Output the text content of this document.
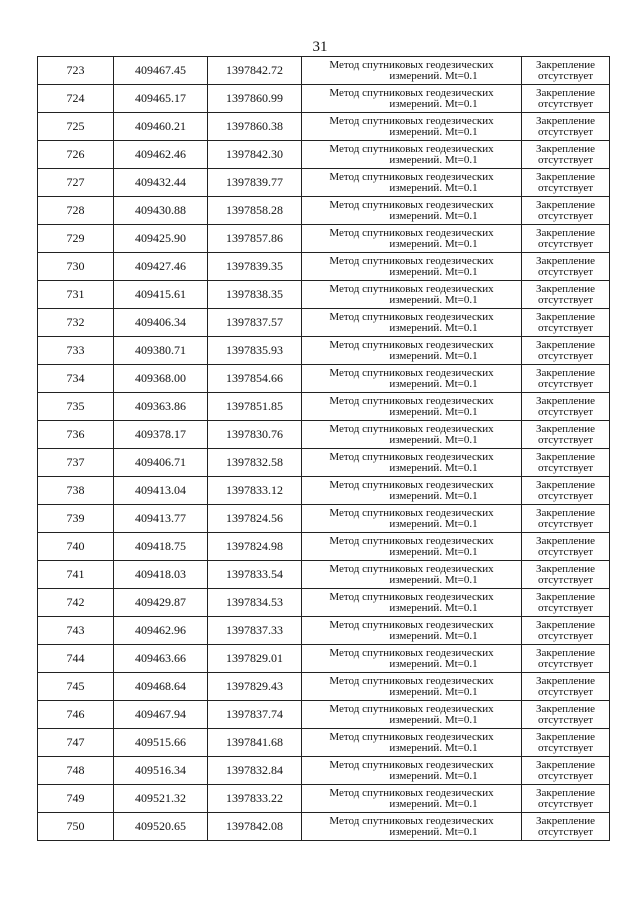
31
723	409467.45	1397842.72	Метод спутниковых геодезических
измерений. Mt=0.1	Закрепление
отсутствует

724	409465.17	1397860.99	Метод спутниковых геодезических
измерений. Mt=0.1	Закрепление
отсутствует

725	409460.21	1397860.38	Метод спутниковых геодезических
измерений. Mt=0.1	Закрепление
отсутствует

726	409462.46	1397842.30	Метод спутниковых геодезических
измерений. Mt=0.1	Закрепление
отсутствует

727	409432.44	1397839.77	Метод спутниковых геодезических
измерений. Mt=0.1	Закрепление
отсутствует

728	409430.88	1397858.28	Метод спутниковых геодезических
измерений. Mt=0.1	Закрепление
отсутствует

729	409425.90	1397857.86	Метод спутниковых геодезических
измерений. Mt=0.1	Закрепление
отсутствует

730	409427.46	1397839.35	Метод спутниковых геодезических
измерений. Mt=0.1	Закрепление
отсутствует

731	409415.61	1397838.35	Метод спутниковых геодезических
измерений. Mt=0.1	Закрепление
отсутствует

732	409406.34	1397837.57	Метод спутниковых геодезических
измерений. Mt=0.1	Закрепление
отсутствует

733	409380.71	1397835.93	Метод спутниковых геодезических
измерений. Mt=0.1	Закрепление
отсутствует

734	409368.00	1397854.66	Метод спутниковых геодезических
измерений. Mt=0.1	Закрепление
отсутствует

735	409363.86	1397851.85	Метод спутниковых геодезических
измерений. Mt=0.1	Закрепление
отсутствует

736	409378.17	1397830.76	Метод спутниковых геодезических
измерений. Mt=0.1	Закрепление
отсутствует

737	409406.71	1397832.58	Метод спутниковых геодезических
измерений. Mt=0.1	Закрепление
отсутствует

738	409413.04	1397833.12	Метод спутниковых геодезических
измерений. Mt=0.1	Закрепление
отсутствует

739	409413.77	1397824.56	Метод спутниковых геодезических
измерений. Mt=0.1	Закрепление
отсутствует

740	409418.75	1397824.98	Метод спутниковых геодезических
измерений. Mt=0.1	Закрепление
отсутствует

741	409418.03	1397833.54	Метод спутниковых геодезических
измерений. Mt=0.1	Закрепление
отсутствует

742	409429.87	1397834.53	Метод спутниковых геодезических
измерений. Mt=0.1	Закрепление
отсутствует

743	409462.96	1397837.33	Метод спутниковых геодезических
измерений. Mt=0.1	Закрепление
отсутствует

744	409463.66	1397829.01	Метод спутниковых геодезических
измерений. Mt=0.1	Закрепление
отсутствует

745	409468.64	1397829.43	Метод спутниковых геодезических
измерений. Mt=0.1	Закрепление
отсутствует

746	409467.94	1397837.74	Метод спутниковых геодезических
измерений. Mt=0.1	Закрепление
отсутствует

747	409515.66	1397841.68	Метод спутниковых геодезических
измерений. Mt=0.1	Закрепление
отсутствует

748	409516.34	1397832.84	Метод спутниковых геодезических
измерений. Mt=0.1	Закрепление
отсутствует

749	409521.32	1397833.22	Метод спутниковых геодезических
измерений. Mt=0.1	Закрепление
отсутствует

750	409520.65	1397842.08	Метод спутниковых геодезических
измерений. Mt=0.1	Закрепление
отсутствует
